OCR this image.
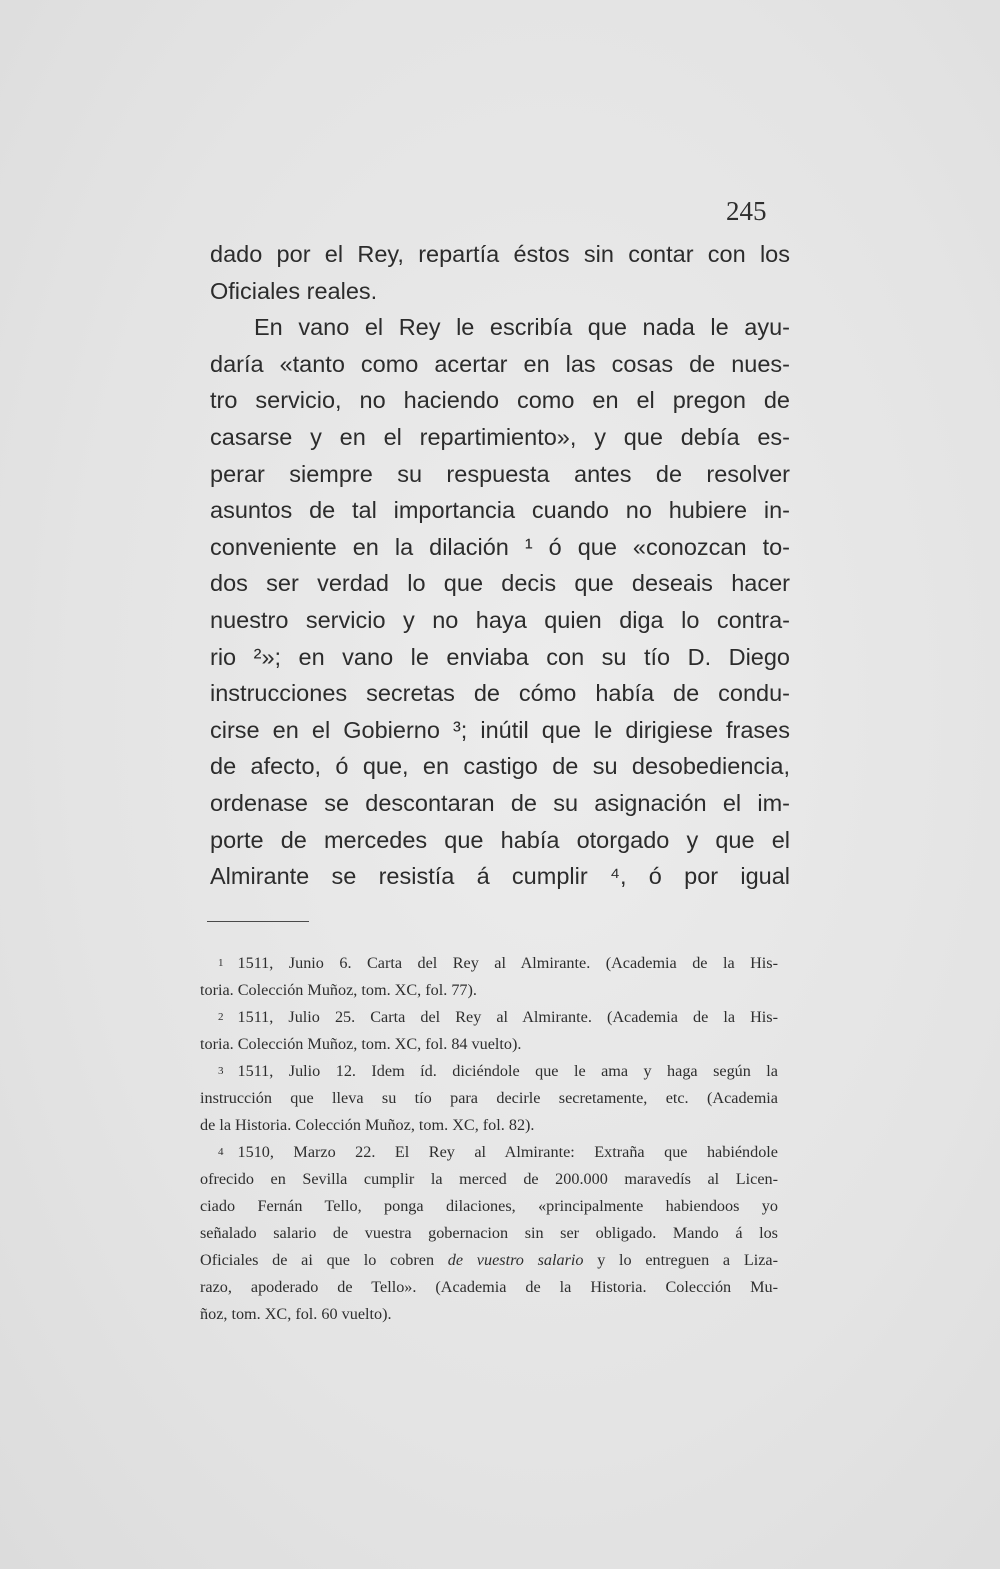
245
dado por el Rey, repartía éstos sin contar con los
Oficiales reales.
En vano el Rey le escribía que nada le ayu-
daría «tanto como acertar en las cosas de nues-
tro servicio, no haciendo como en el pregon de
casarse y en el repartimiento», y que debía es-
perar siempre su respuesta antes de resolver
asuntos de tal importancia cuando no hubiere in-
conveniente en la dilación ¹ ó que «conozcan to-
dos ser verdad lo que decis que deseais hacer
nuestro servicio y no haya quien diga lo contra-
rio ²»; en vano le enviaba con su tío D. Diego
instrucciones secretas de cómo había de condu-
cirse en el Gobierno ³; inútil que le dirigiese frases
de afecto, ó que, en castigo de su desobediencia,
ordenase se descontaran de su asignación el im-
porte de mercedes que había otorgado y que el
Almirante se resistía á cumplir ⁴, ó por igual
1 1511, Junio 6. Carta del Rey al Almirante. (Academia de la His-
toria. Colección Muñoz, tom. XC, fol. 77).
2 1511, Julio 25. Carta del Rey al Almirante. (Academia de la His-
toria. Colección Muñoz, tom. XC, fol. 84 vuelto).
3 1511, Julio 12. Idem íd. diciéndole que le ama y haga según la
instrucción que lleva su tío para decirle secretamente, etc. (Academia
de la Historia. Colección Muñoz, tom. XC, fol. 82).
4 1510, Marzo 22. El Rey al Almirante: Extraña que habiéndole
ofrecido en Sevilla cumplir la merced de 200.000 maravedís al Licen-
ciado Fernán Tello, ponga dilaciones, «principalmente habiendoos yo
señalado salario de vuestra gobernacion sin ser obligado. Mando á los
Oficiales de ai que lo cobren de vuestro salario y lo entreguen a Liza-
razo, apoderado de Tello». (Academia de la Historia. Colección Mu-
ñoz, tom. XC, fol. 60 vuelto).
